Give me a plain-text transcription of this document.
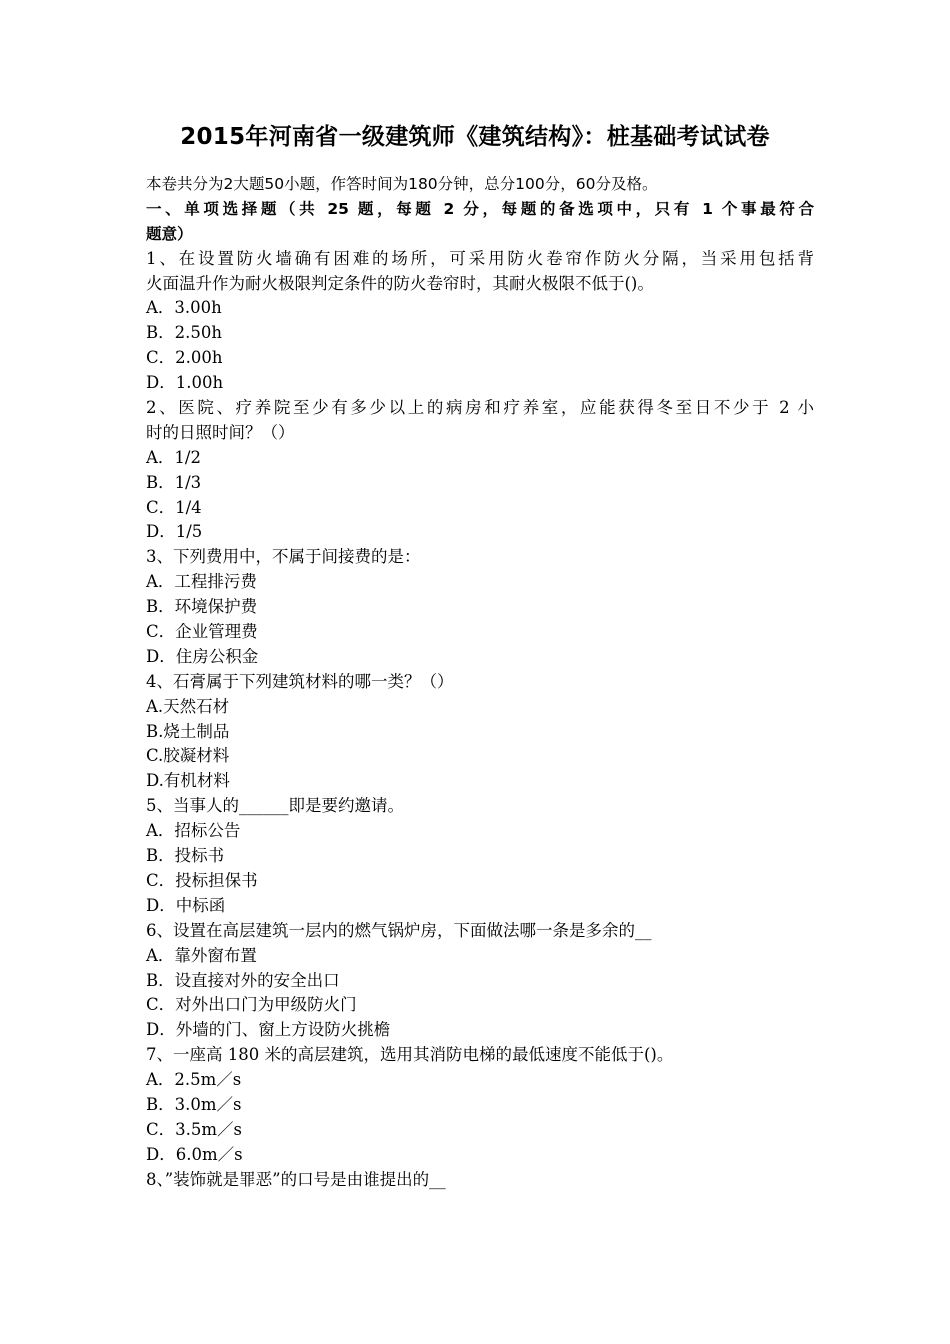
2015年河南省一级建筑师《建筑结构》：桩基础考试试卷
本卷共分为2大题50小题，作答时间为180分钟，总分100分，60分及格。
一、单项选择题（共 25 题，每题 2 分，每题的备选项中，只有 1 个事最符合
题意）
1、在设置防火墙确有困难的场所，可采用防火卷帘作防火分隔，当采用包括背
火面温升作为耐火极限判定条件的防火卷帘时，其耐火极限不低于()。
A．3.00h
B．2.50h
C．2.00h
D．1.00h
2、医院、疗养院至少有多少以上的病房和疗养室，应能获得冬至日不少于 2 小
时的日照时间？（）
A．1/2
B．1/3
C．1/4
D．1/5
3、下列费用中，不属于间接费的是：
A．工程排污费
B．环境保护费
C．企业管理费
D．住房公积金
4、石膏属于下列建筑材料的哪一类？（）
A.天然石材
B.烧土制品
C.胶凝材料
D.有机材料
5、当事人的______即是要约邀请。
A．招标公告
B．投标书
C．投标担保书
D．中标函
6、设置在高层建筑一层内的燃气锅炉房，下面做法哪一条是多余的__
A．靠外窗布置
B．设直接对外的安全出口
C．对外出口门为甲级防火门
D．外墙的门、窗上方设防火挑檐
7、一座高 180 米的高层建筑，选用其消防电梯的最低速度不能低于()。
A．2.5m／s
B．3.0m／s
C．3.5m／s
D．6.0m／s
8、”装饰就是罪恶”的口号是由谁提出的__
